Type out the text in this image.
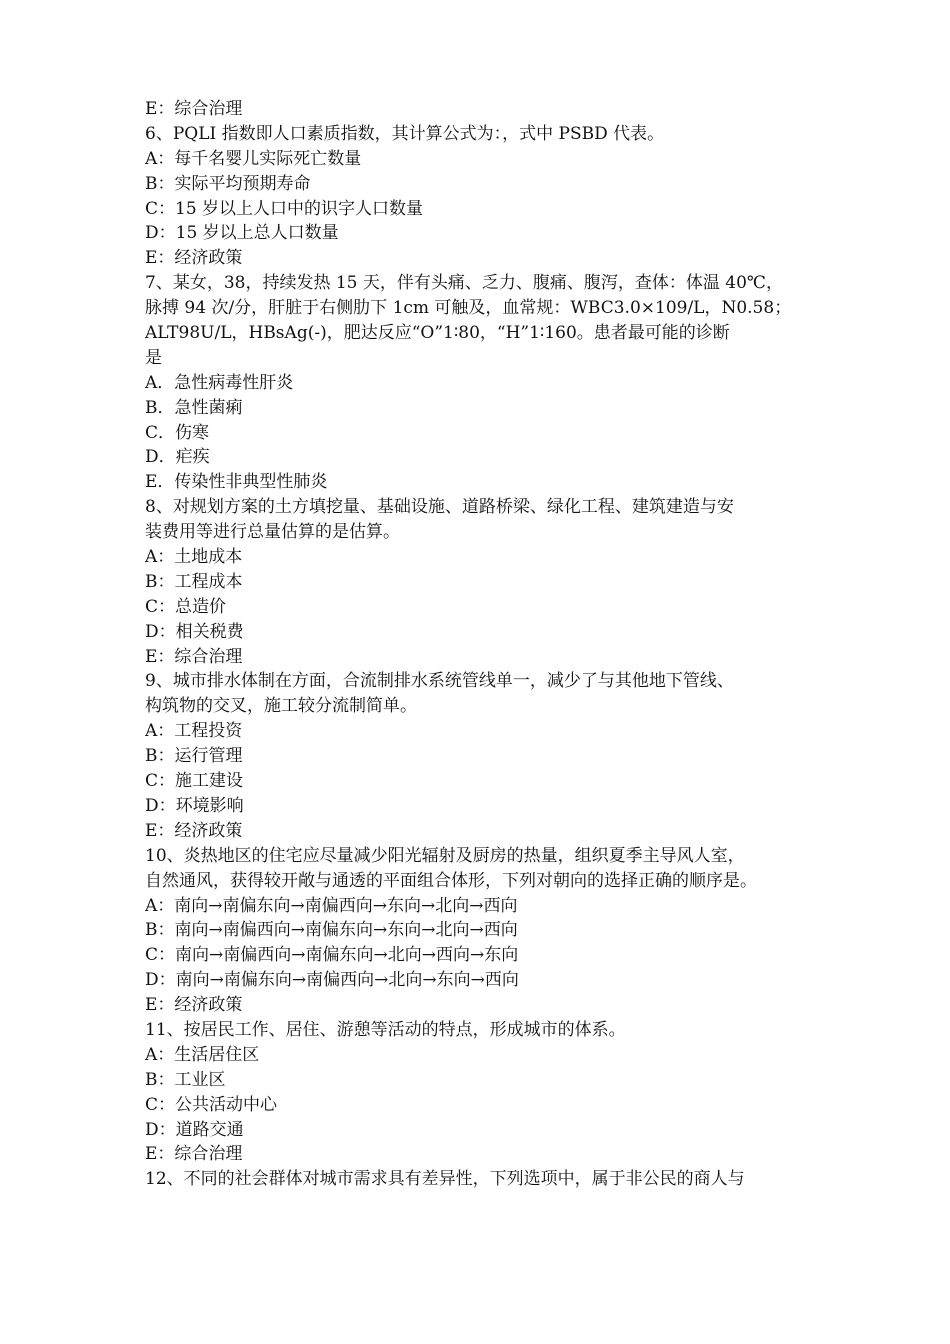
E：综合治理
6、PQLI 指数即人口素质指数，其计算公式为：，式中 PSBD 代表。
A：每千名婴儿实际死亡数量
B：实际平均预期寿命
C：15 岁以上人口中的识字人口数量
D：15 岁以上总人口数量
E：经济政策
7、某女，38，持续发热 15 天，伴有头痛、乏力、腹痛、腹泻，查体：体温 40℃，
脉搏 94 次/分，肝脏于右侧肋下 1cm 可触及，血常规：WBC3.0×109/L，N0.58；
ALT98U/L，HBsAg(-)，肥达反应“O”1∶80，“H”1∶160。患者最可能的诊断
是
A．急性病毒性肝炎
B．急性菌痢
C．伤寒
D．疟疾
E．传染性非典型性肺炎
8、对规划方案的土方填挖量、基础设施、道路桥梁、绿化工程、建筑建造与安
装费用等进行总量估算的是估算。
A：土地成本
B：工程成本
C：总造价
D：相关税费
E：综合治理
9、城市排水体制在方面，合流制排水系统管线单一，减少了与其他地下管线、
构筑物的交叉，施工较分流制简单。
A：工程投资
B：运行管理
C：施工建设
D：环境影响
E：经济政策
10、炎热地区的住宅应尽量减少阳光辐射及厨房的热量，组织夏季主导风人室，
自然通风，获得较开敞与通透的平面组合体形，下列对朝向的选择正确的顺序是。
A：南向→南偏东向→南偏西向→东向→北向→西向
B：南向→南偏西向→南偏东向→东向→北向→西向
C：南向→南偏西向→南偏东向→北向→西向→东向
D：南向→南偏东向→南偏西向→北向→东向→西向
E：经济政策
11、按居民工作、居住、游憩等活动的特点，形成城市的体系。
A：生活居住区
B：工业区
C：公共活动中心
D：道路交通
E：综合治理
12、不同的社会群体对城市需求具有差异性，下列选项中，属于非公民的商人与
